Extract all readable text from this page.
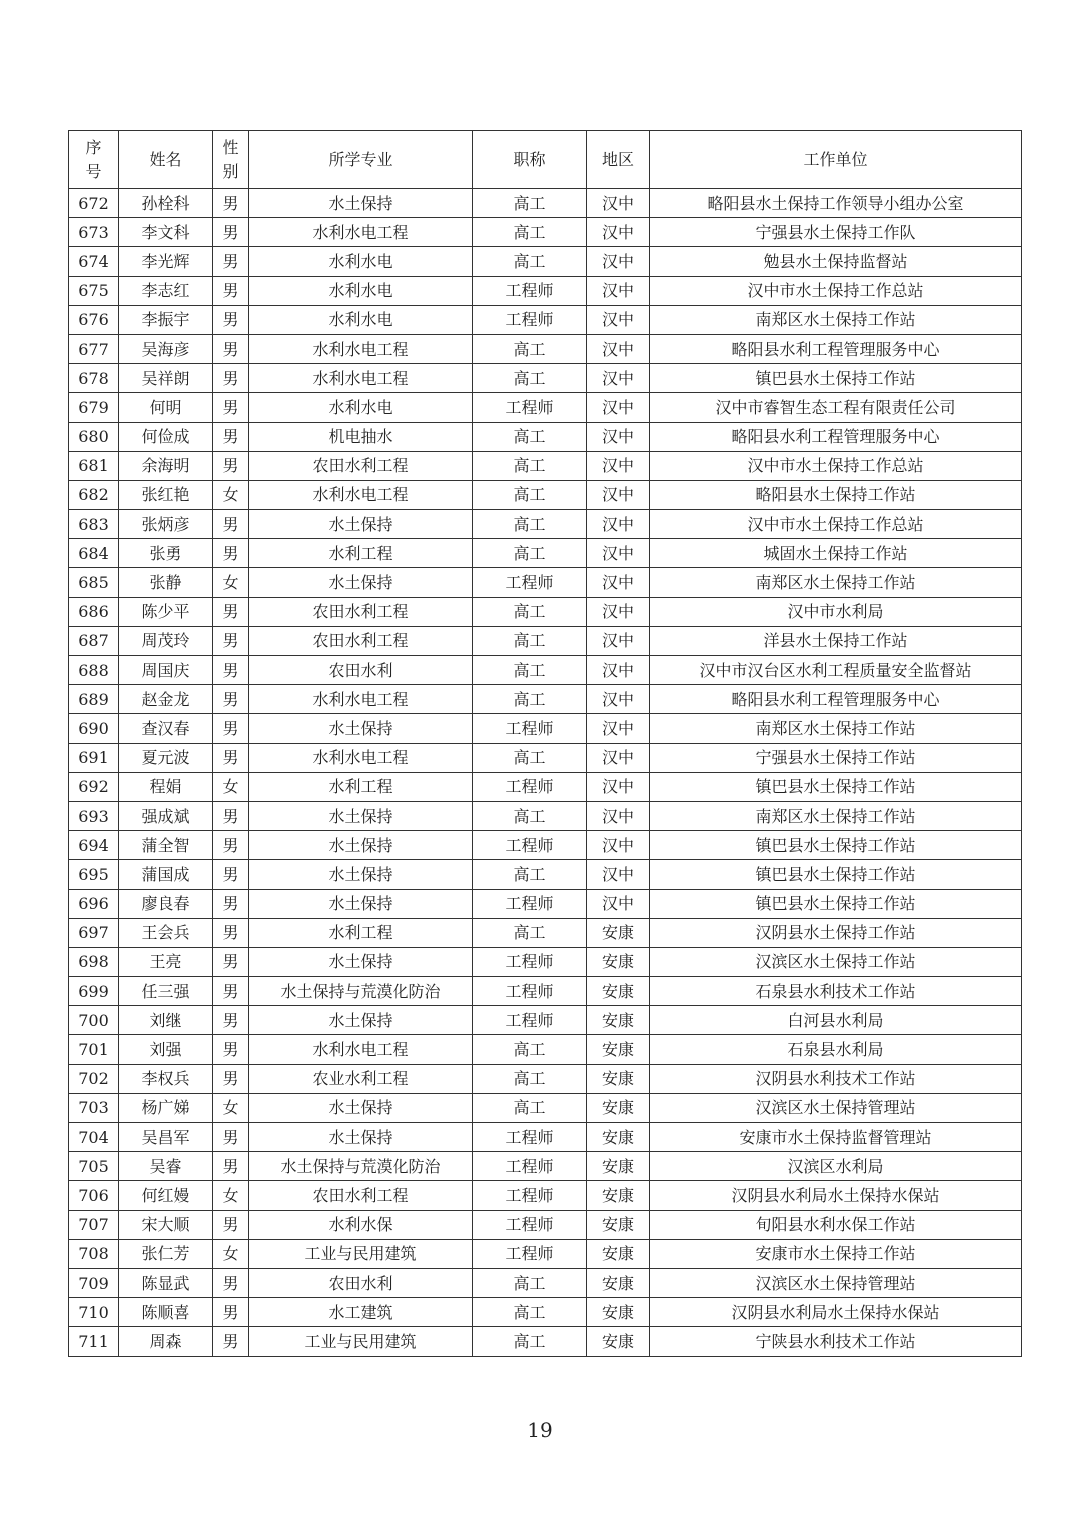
序号	姓名	性别	所学专业	职称	地区	工作单位
672	孙栓科	男	水土保持	高工	汉中	略阳县水土保持工作领导小组办公室
673	李文科	男	水利水电工程	高工	汉中	宁强县水土保持工作队
674	李光辉	男	水利水电	高工	汉中	勉县水土保持监督站
675	李志红	男	水利水电	工程师	汉中	汉中市水土保持工作总站
676	李振宇	男	水利水电	工程师	汉中	南郑区水土保持工作站
677	吴海彦	男	水利水电工程	高工	汉中	略阳县水利工程管理服务中心
678	吴祥朗	男	水利水电工程	高工	汉中	镇巴县水土保持工作站
679	何明	男	水利水电	工程师	汉中	汉中市睿智生态工程有限责任公司
680	何俭成	男	机电抽水	高工	汉中	略阳县水利工程管理服务中心
681	余海明	男	农田水利工程	高工	汉中	汉中市水土保持工作总站
682	张红艳	女	水利水电工程	高工	汉中	略阳县水土保持工作站
683	张炳彦	男	水土保持	高工	汉中	汉中市水土保持工作总站
684	张勇	男	水利工程	高工	汉中	城固水土保持工作站
685	张静	女	水土保持	工程师	汉中	南郑区水土保持工作站
686	陈少平	男	农田水利工程	高工	汉中	汉中市水利局
687	周茂玲	男	农田水利工程	高工	汉中	洋县水土保持工作站
688	周国庆	男	农田水利	高工	汉中	汉中市汉台区水利工程质量安全监督站
689	赵金龙	男	水利水电工程	高工	汉中	略阳县水利工程管理服务中心
690	查汉春	男	水土保持	工程师	汉中	南郑区水土保持工作站
691	夏元波	男	水利水电工程	高工	汉中	宁强县水土保持工作站
692	程娟	女	水利工程	工程师	汉中	镇巴县水土保持工作站
693	强成斌	男	水土保持	高工	汉中	南郑区水土保持工作站
694	蒲全智	男	水土保持	工程师	汉中	镇巴县水土保持工作站
695	蒲国成	男	水土保持	高工	汉中	镇巴县水土保持工作站
696	廖良春	男	水土保持	工程师	汉中	镇巴县水土保持工作站
697	王会兵	男	水利工程	高工	安康	汉阴县水土保持工作站
698	王亮	男	水土保持	工程师	安康	汉滨区水土保持工作站
699	任三强	男	水土保持与荒漠化防治	工程师	安康	石泉县水利技术工作站
700	刘继	男	水土保持	工程师	安康	白河县水利局
701	刘强	男	水利水电工程	高工	安康	石泉县水利局
702	李权兵	男	农业水利工程	高工	安康	汉阴县水利技术工作站
703	杨广娣	女	水土保持	高工	安康	汉滨区水土保持管理站
704	吴昌军	男	水土保持	工程师	安康	安康市水土保持监督管理站
705	吴睿	男	水土保持与荒漠化防治	工程师	安康	汉滨区水利局
706	何红嫚	女	农田水利工程	工程师	安康	汉阴县水利局水土保持水保站
707	宋大顺	男	水利水保	工程师	安康	旬阳县水利水保工作站
708	张仁芳	女	工业与民用建筑	工程师	安康	安康市水土保持工作站
709	陈显武	男	农田水利	高工	安康	汉滨区水土保持管理站
710	陈顺喜	男	水工建筑	高工	安康	汉阴县水利局水土保持水保站
711	周森	男	工业与民用建筑	高工	安康	宁陕县水利技术工作站
19
